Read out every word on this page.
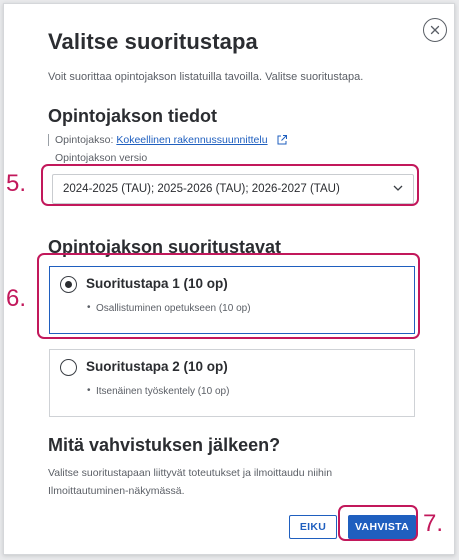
Valitse suoritustapa
Voit suorittaa opintojakson listatuilla tavoilla. Valitse suoritustapa.
Opintojakson tiedot
Opintojakso: Kokeellinen rakennussuunnittelu
Opintojakson versio
2024-2025 (TAU); 2025-2026 (TAU); 2026-2027 (TAU)
Opintojakson suoritustavat
Suoritustapa 1 (10 op)
• Osallistuminen opetukseen (10 op)
Suoritustapa 2 (10 op)
• Itsenäinen työskentely (10 op)
Mitä vahvistuksen jälkeen?
Valitse suoritustapaan liittyvät toteutukset ja ilmoittaudu niihin Ilmoittautuminen-näkymässä.
EIKU	VAHVISTA
5.
6.
7.
